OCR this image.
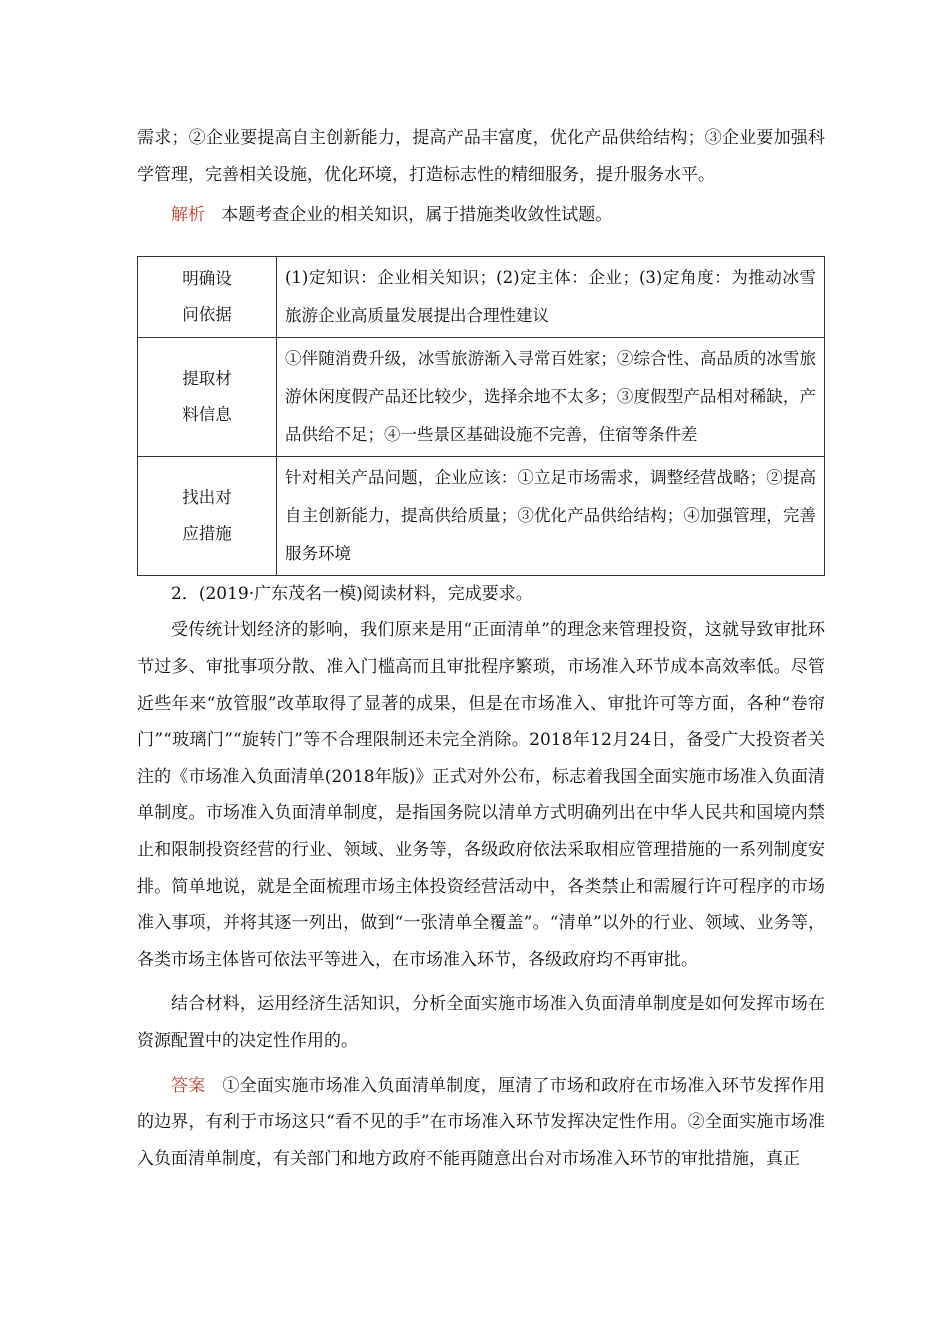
需求；②企业要提高自主创新能力，提高产品丰富度，优化产品供给结构；③企业要加强科学管理，完善相关设施，优化环境，打造标志性的精细服务，提升服务水平。

解析 本题考查企业的相关知识，属于措施类收敛性试题。

明确设
问依据	(1)定知识：企业相关知识；(2)定主体：企业；(3)定角度：为推动冰雪旅游企业高质量发展提出合理性建议

提取材
料信息	①伴随消费升级，冰雪旅游渐入寻常百姓家；②综合性、高品质的冰雪旅游休闲度假产品还比较少，选择余地不太多；③度假型产品相对稀缺，产品供给不足；④一些景区基础设施不完善，住宿等条件差

找出对
应措施	针对相关产品问题，企业应该：①立足市场需求，调整经营战略；②提高自主创新能力，提高供给质量；③优化产品供给结构；④加强管理，完善服务环境

2．(2019·广东茂名一模)阅读材料，完成要求。

受传统计划经济的影响，我们原来是用“正面清单”的理念来管理投资，这就导致审批环节过多、审批事项分散、准入门槛高而且审批程序繁琐，市场准入环节成本高效率低。尽管近些年来“放管服”改革取得了显著的成果，但是在市场准入、审批许可等方面，各种“卷帘门”“玻璃门”“旋转门”等不合理限制还未完全消除。2018年12月24日，备受广大投资者关注的《市场准入负面清单(2018年版)》正式对外公布，标志着我国全面实施市场准入负面清单制度。市场准入负面清单制度，是指国务院以清单方式明确列出在中华人民共和国境内禁止和限制投资经营的行业、领域、业务等，各级政府依法采取相应管理措施的一系列制度安排。简单地说，就是全面梳理市场主体投资经营活动中，各类禁止和需履行许可程序的市场准入事项，并将其逐一列出，做到“一张清单全覆盖”。“清单”以外的行业、领域、业务等，各类市场主体皆可依法平等进入，在市场准入环节，各级政府均不再审批。

结合材料，运用经济生活知识，分析全面实施市场准入负面清单制度是如何发挥市场在资源配置中的决定性作用的。

答案 ①全面实施市场准入负面清单制度，厘清了市场和政府在市场准入环节发挥作用的边界，有利于市场这只“看不见的手”在市场准入环节发挥决定性作用。②全面实施市场准入负面清单制度，有关部门和地方政府不能再随意出台对市场准入环节的审批措施，真正
